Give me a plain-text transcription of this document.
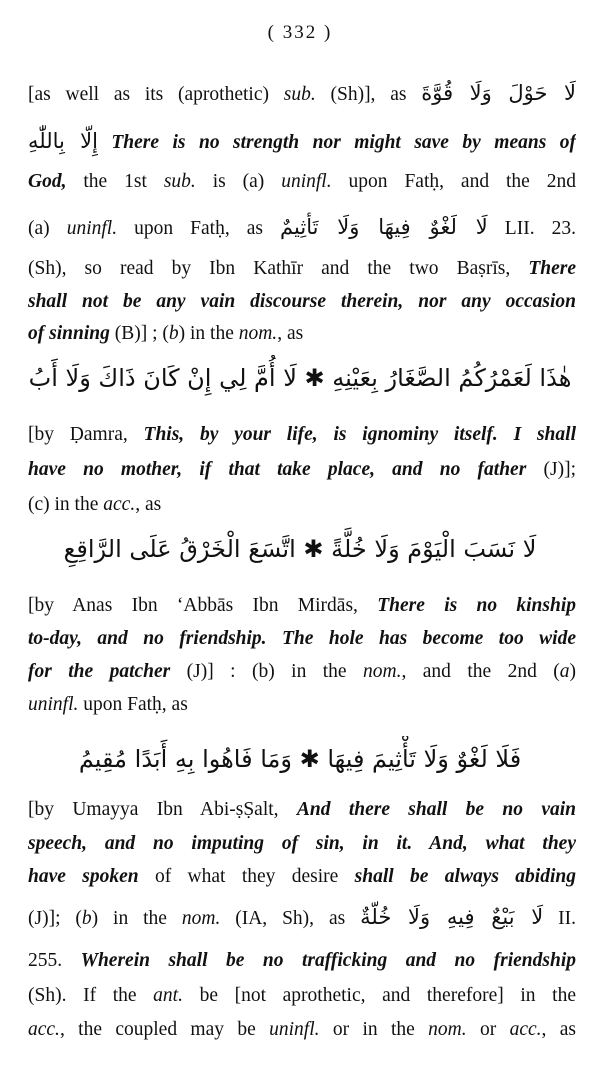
( 332 )
[as well as its (aprothetic) sub. (Sh)], as لَا حَوْلَ وَلَا قُوَّةَ
إِلَّا بِاللّٰهِ There is no strength nor might save by means of
God, the 1st sub. is (a) uninfl. upon Fatḥ, and the 2nd
(a) uninfl. upon Fatḥ, as لَا لَغْوٌ فِيهَا وَلَا تَأْثِيمٌ LII. 23.
(Sh), so read by Ibn Kathīr and the two Baṣrīs, There
shall not be any vain discourse therein, nor any occasion
of sinning (B)] ; (b) in the nom., as
هٰذَا لَعَمْرُكُمُ الصَّغَارُ بِعَيْنِهِ ✱ لَا أُمَّ لِي إِنْ كَانَ ذَاكَ وَلَا أَبُ
[by Ḍamra, This, by your life, is ignominy itself. I shall
have no mother, if that take place, and no father (J)];
(c) in the acc., as
لَا نَسَبَ الْيَوْمَ وَلَا خُلَّةً ✱ اتَّسَعَ الْخَرْقُ عَلَى الرَّاقِعِ
[by Anas Ibn ʻAbbās Ibn Mirdās, There is no kinship
to-day, and no friendship. The hole has become too wide
for the patcher (J)] : (b) in the nom., and the 2nd (a)
uninfl. upon Fatḥ, as
فَلَا لَغْوٌ وَلَا تَأْثِيمَ فِيهَا ✱ وَمَا فَاهُوا بِهِ أَبَدًا مُقِيمُ
[by Umayya Ibn Abi-ṣṢalt, And there shall be no vain
speech, and no imputing of sin, in it. And, what they
have spoken of what they desire shall be always abiding
(J)]; (b) in the nom. (IA, Sh), as لَا بَيْعٌ فِيهِ وَلَا خُلَّةٌ II.
255. Wherein shall be no trafficking and no friendship
(Sh). If the ant. be [not aprothetic, and therefore] in the
acc., the coupled may be uninfl. or in the nom. or acc., as
